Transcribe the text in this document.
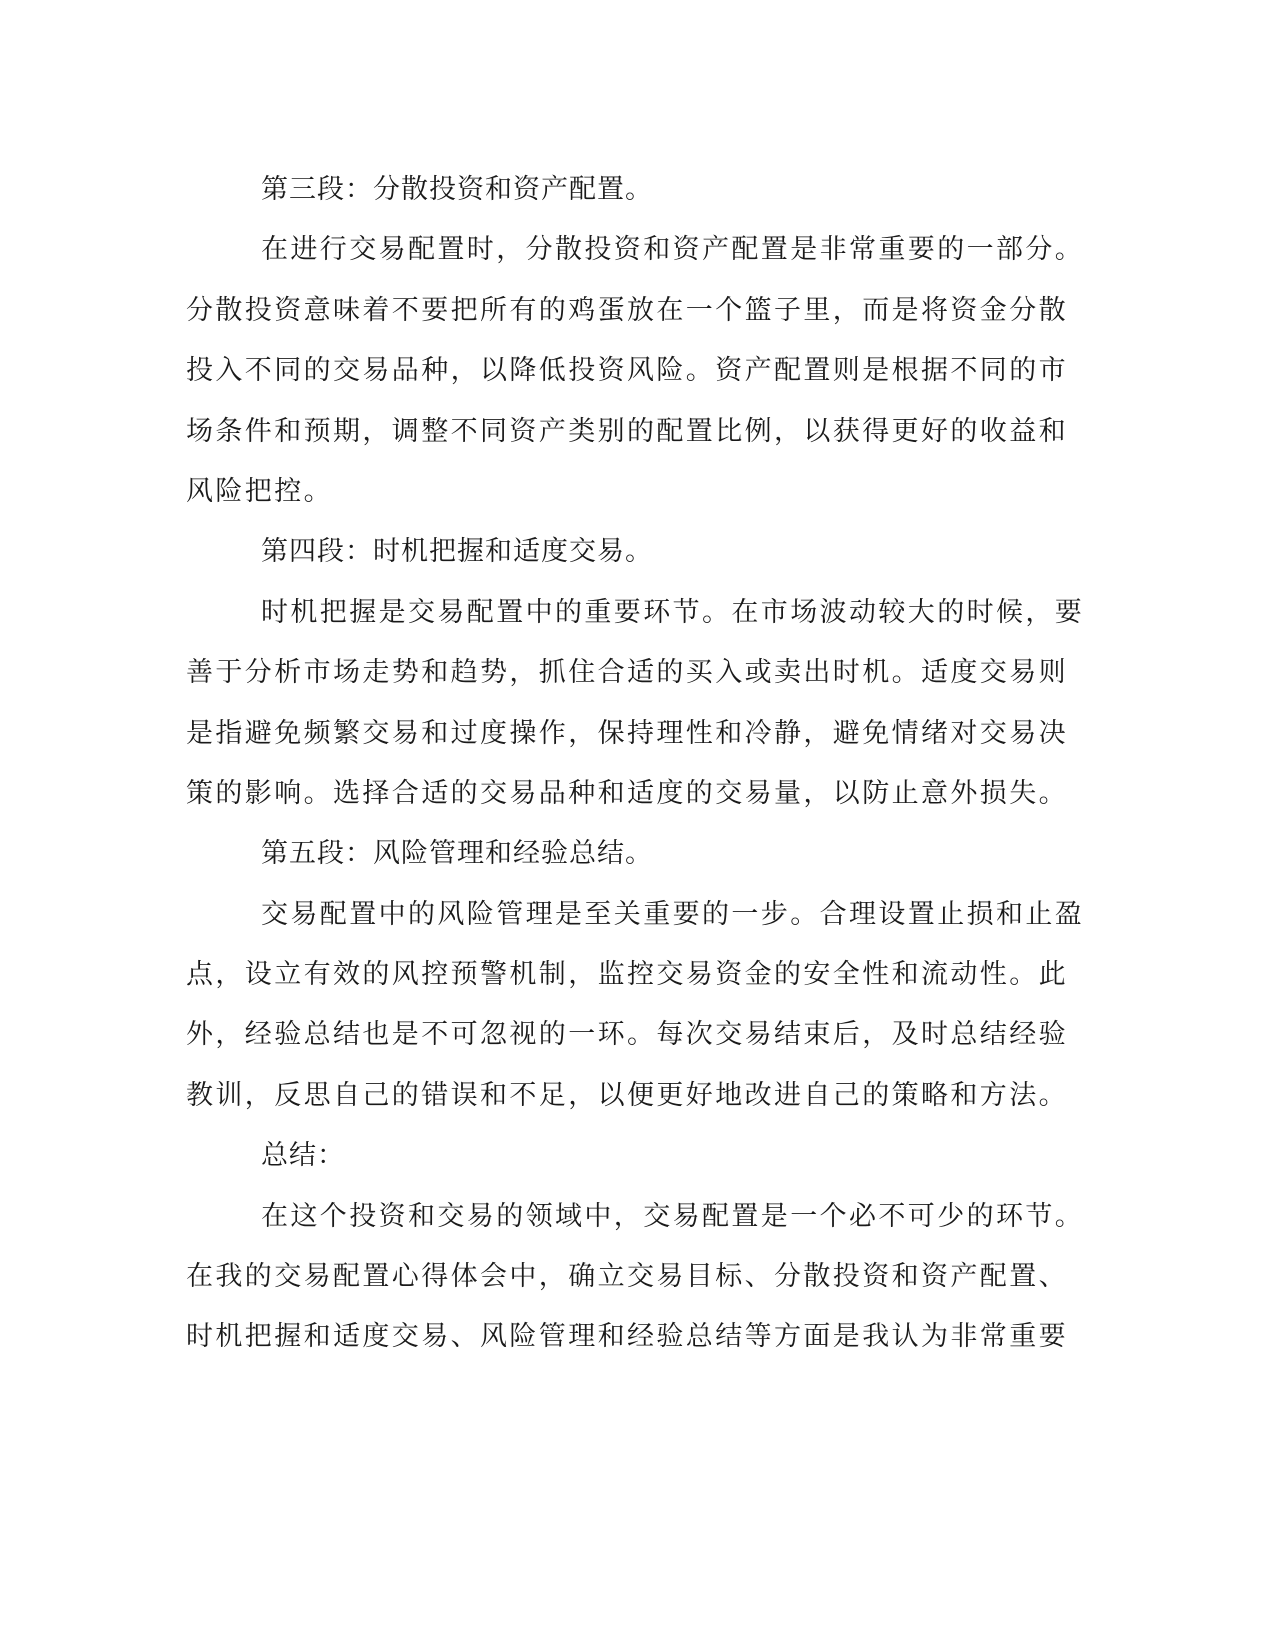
第三段：分散投资和资产配置。
在进行交易配置时，分散投资和资产配置是非常重要的一部分。
分散投资意味着不要把所有的鸡蛋放在一个篮子里，而是将资金分散
投入不同的交易品种，以降低投资风险。资产配置则是根据不同的市
场条件和预期，调整不同资产类别的配置比例，以获得更好的收益和
风险把控。
第四段：时机把握和适度交易。
时机把握是交易配置中的重要环节。在市场波动较大的时候，要
善于分析市场走势和趋势，抓住合适的买入或卖出时机。适度交易则
是指避免频繁交易和过度操作，保持理性和冷静，避免情绪对交易决
策的影响。选择合适的交易品种和适度的交易量，以防止意外损失。
第五段：风险管理和经验总结。
交易配置中的风险管理是至关重要的一步。合理设置止损和止盈
点，设立有效的风控预警机制，监控交易资金的安全性和流动性。此
外，经验总结也是不可忽视的一环。每次交易结束后，及时总结经验
教训，反思自己的错误和不足，以便更好地改进自己的策略和方法。
总结：
在这个投资和交易的领域中，交易配置是一个必不可少的环节。
在我的交易配置心得体会中，确立交易目标、分散投资和资产配置、
时机把握和适度交易、风险管理和经验总结等方面是我认为非常重要
